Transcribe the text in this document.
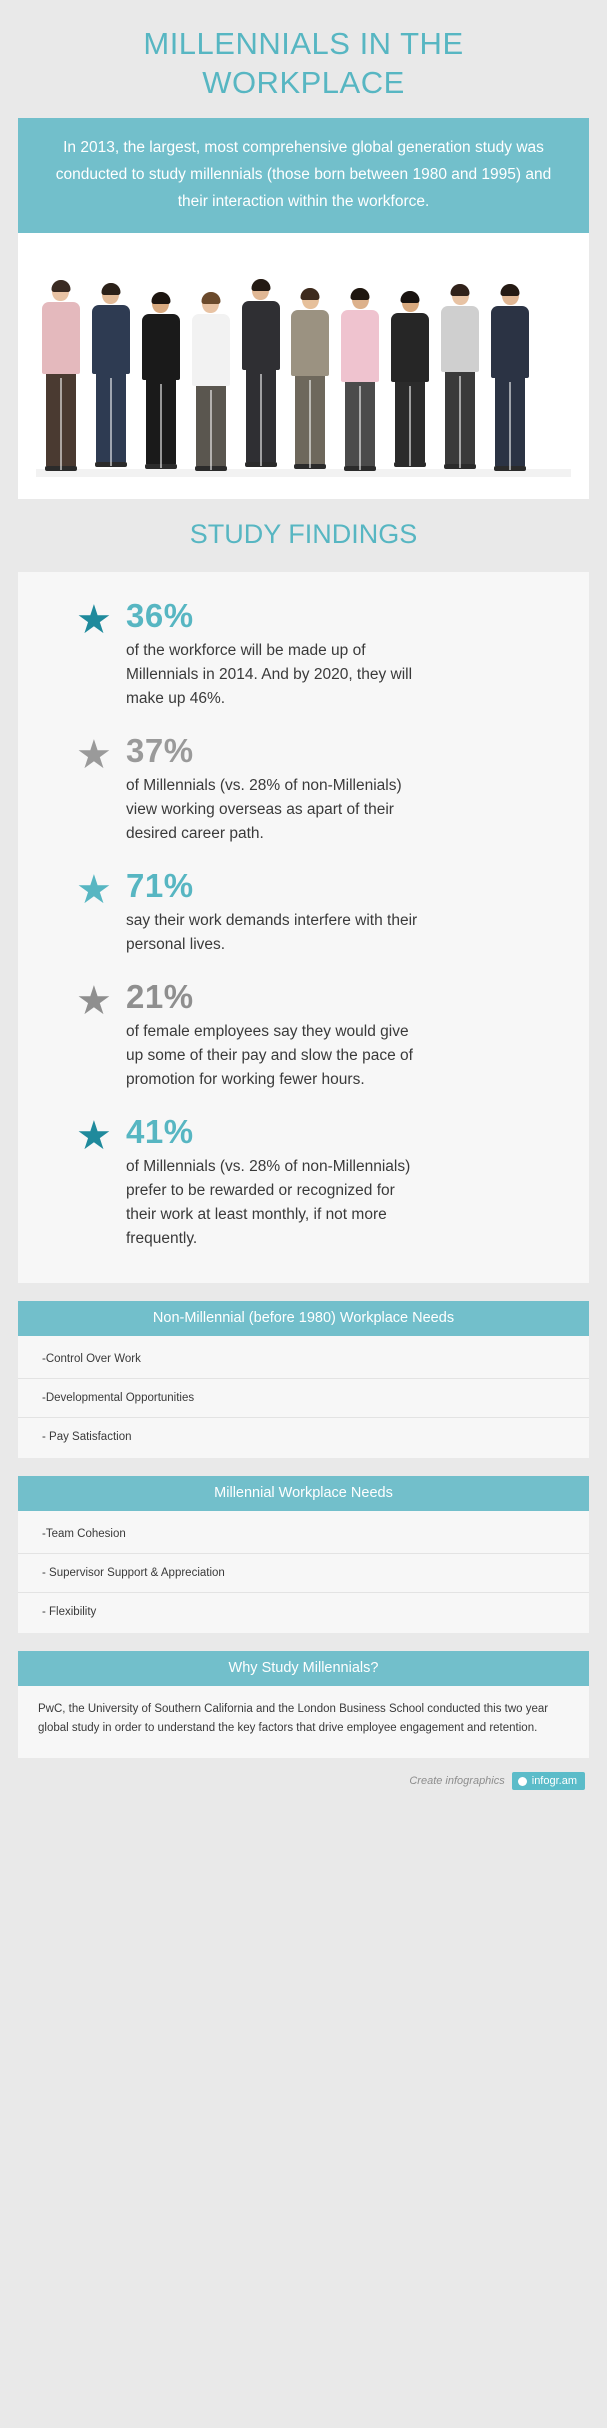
MILLENNIALS IN THE WORKPLACE
In 2013, the largest, most comprehensive global generation study was conducted to study millennials (those born between 1980 and 1995) and their interaction within the workforce.
STUDY FINDINGS
★ 36%
of the workforce will be made up of Millennials in 2014. And by 2020, they will make up 46%.
★ 37%
of Millennials (vs. 28% of non-Millenials) view working overseas as apart of their desired career path.
★ 71%
say their work demands interfere with their personal lives.
★ 21%
of female employees say they would give up some of their pay and slow the pace of promotion for working fewer hours.
★ 41%
of Millennials (vs. 28% of non-Millennials) prefer to be rewarded or recognized for their work at least monthly, if not more frequently.
Non-Millennial (before 1980) Workplace Needs
-Control Over Work
-Developmental Opportunities
- Pay Satisfaction
Millennial Workplace Needs
-Team Cohesion
- Supervisor Support & Appreciation
- Flexibility
Why Study Millennials?
PwC, the University of Southern California and the London Business School conducted this two year global study in order to understand the key factors that drive employee engagement and retention.
Create infographics infogr.am
